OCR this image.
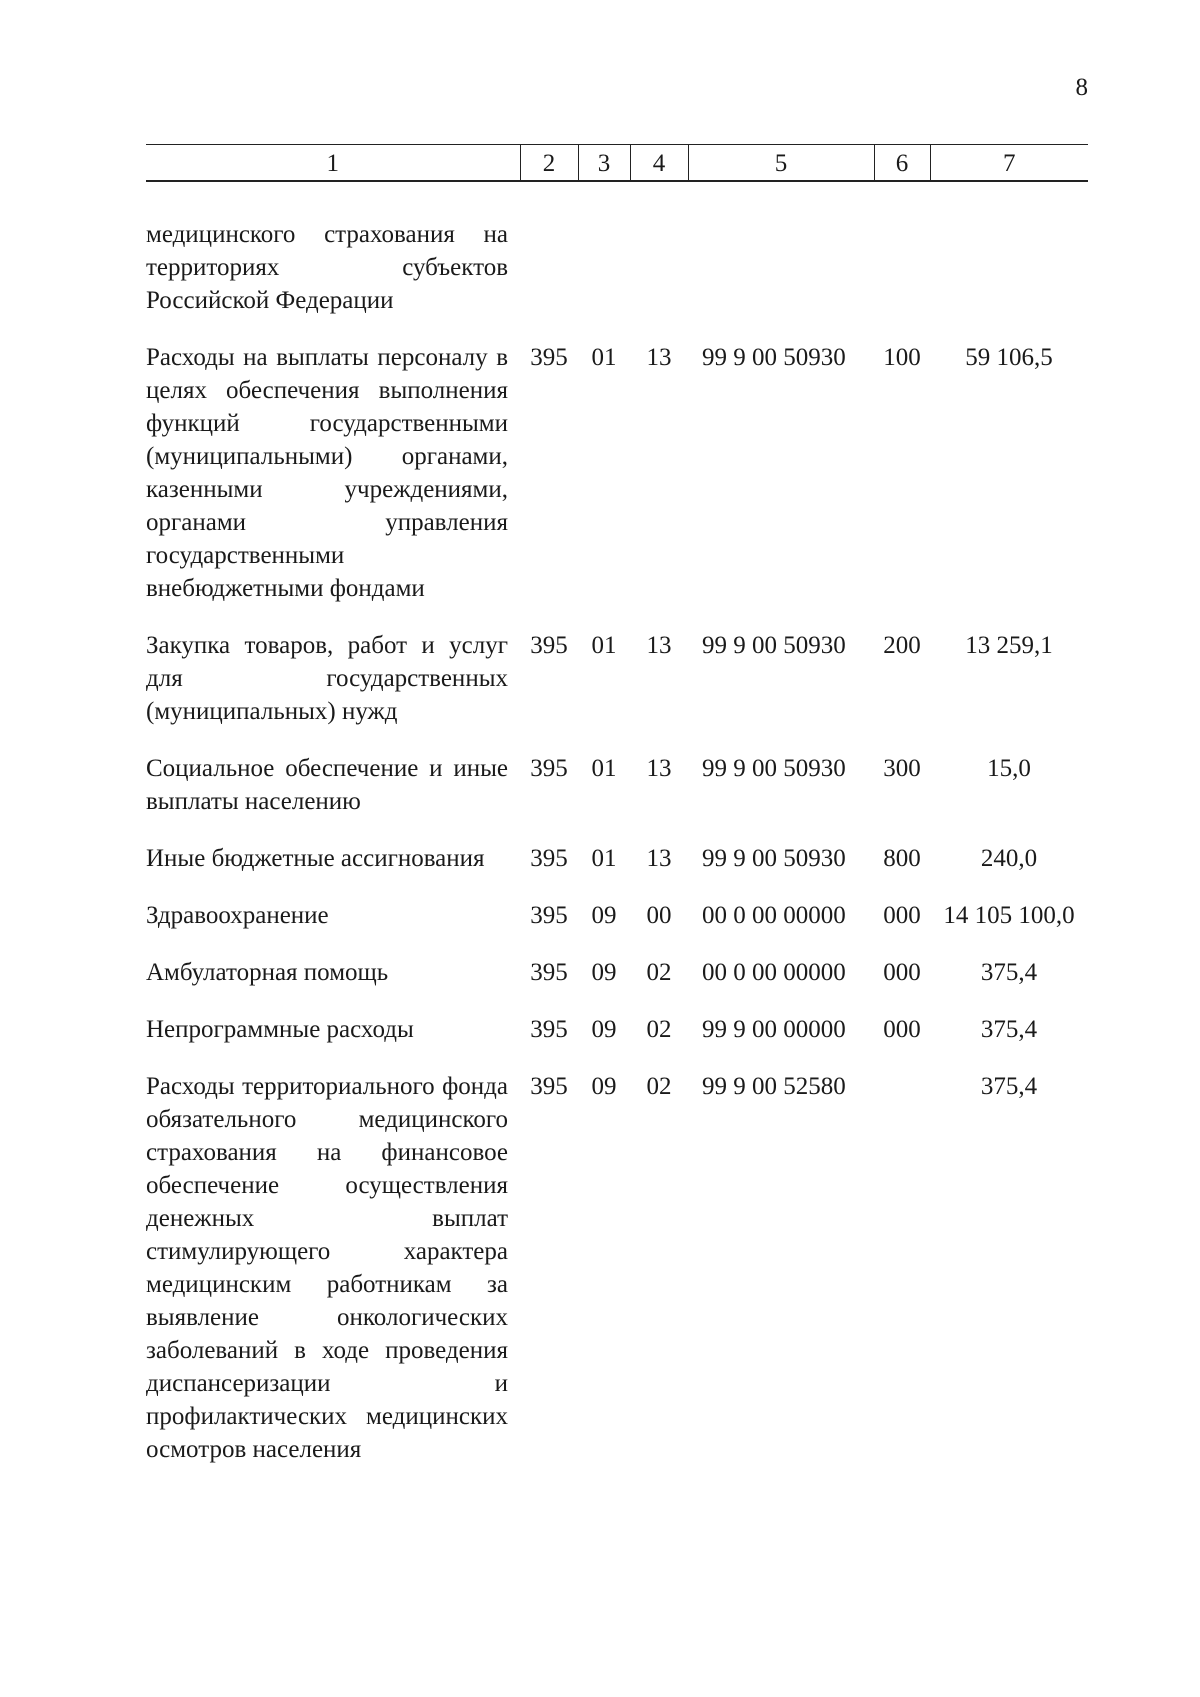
8
1	2	3	4	5	6	7

медицинского страхования на территориях субъектов Российской Федерации						
Расходы на выплаты персоналу в целях обеспечения выполнения функций государственными (муниципальными) органами, казенными учреждениями, органами управления государственными внебюджетными фондами	395	01	13	99 9 00 50930	100	59 106,5
Закупка товаров, работ и услуг для государственных (муниципальных) нужд	395	01	13	99 9 00 50930	200	13 259,1
Социальное обеспечение и иные выплаты населению	395	01	13	99 9 00 50930	300	15,0
Иные бюджетные ассигнования	395	01	13	99 9 00 50930	800	240,0
Здравоохранение	395	09	00	00 0 00 00000	000	14 105 100,0
Амбулаторная помощь	395	09	02	00 0 00 00000	000	375,4
Непрограммные расходы	395	09	02	99 9 00 00000	000	375,4
Расходы территориального фонда обязательного медицинского страхования на финансовое обеспечение осуществления денежных выплат стимулирующего характера медицинским работникам за выявление онкологических заболеваний в ходе проведения диспансеризации и профилактических медицинских осмотров населения	395	09	02	99 9 00 52580		375,4
